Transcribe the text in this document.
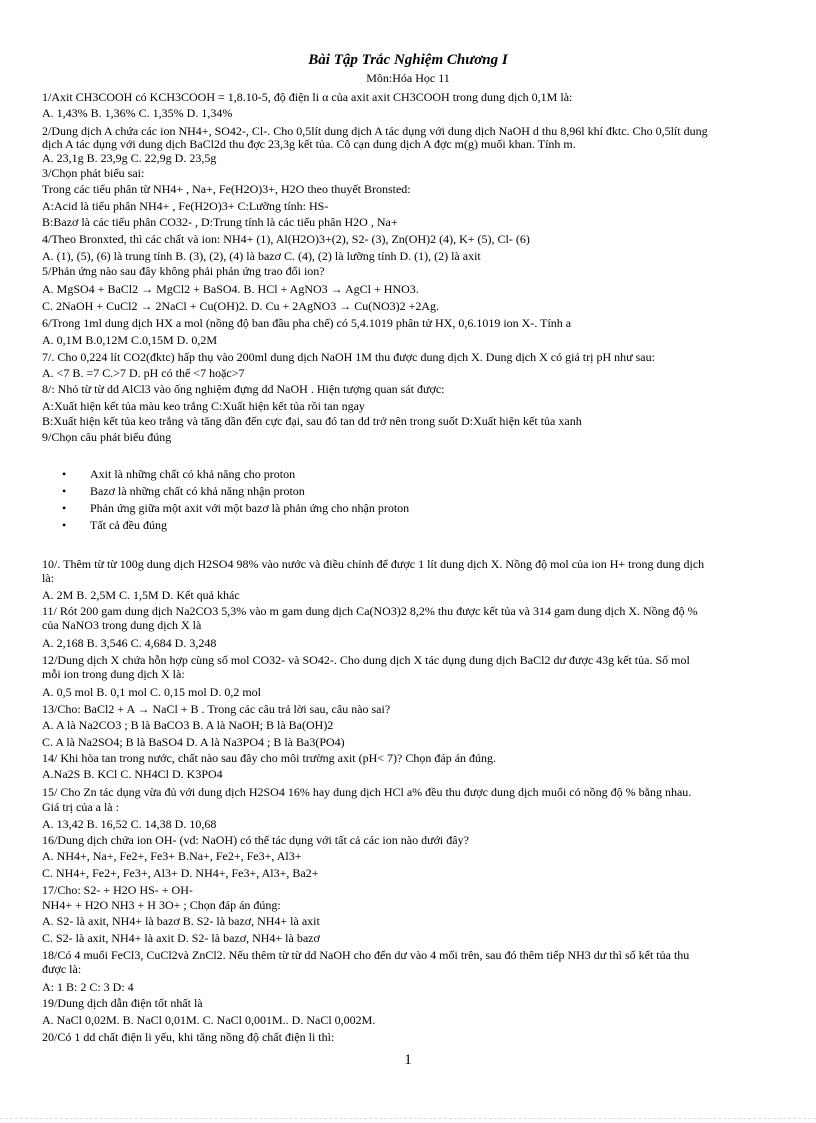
Bài Tập Trắc Nghiệm Chương I
Môn:Hóa Học 11
1/Axit CH3COOH có KCH3COOH = 1,8.10-5, độ điện li α của axit axit CH3COOH trong dung dịch 0,1M là:
A. 1,43% B. 1,36% C. 1,35% D. 1,34%
2/Dung dịch A chứa các ion NH4+, SO42-, Cl-. Cho 0,5lít dung dịch A tác dụng với dung dịch NaOH d thu 8,96l khí đktc. Cho 0,5lít dung
dịch A tác dụng với dung dịch BaCl2d thu đợc 23,3g kết tủa. Cô cạn dung dịch A đợc m(g) muối khan. Tính m.
A. 23,1g B. 23,9g C. 22,9g D. 23,5g
3/Chọn phát biểu sai:
Trong các tiểu phân từ NH4+ , Na+, Fe(H2O)3+, H2O theo thuyết Bronsted:
A:Acid là tiểu phân NH4+ , Fe(H2O)3+ C:Lưỡng tính: HS-
B:Bazơ là các tiểu phân CO32- , D:Trung tính là các tiểu phân H2O , Na+
4/Theo Bronxted, thì các chất và ion: NH4+ (1), Al(H2O)3+(2), S2- (3), Zn(OH)2 (4), K+ (5), Cl- (6)
A. (1), (5), (6) là trung tính B. (3), (2), (4) là bazơ C. (4), (2) là lưỡng tính D. (1), (2) là axit
5/Phản ứng nào sau đây không phải phản ứng trao đổi ion?
A. MgSO4 + BaCl2 → MgCl2 + BaSO4. B. HCl + AgNO3 → AgCl + HNO3.
C. 2NaOH + CuCl2 → 2NaCl + Cu(OH)2. D. Cu + 2AgNO3 → Cu(NO3)2 +2Ag.
6/Trong 1ml dung dịch HX a mol (nồng độ ban đầu pha chế) có 5,4.1019 phân tử HX, 0,6.1019 ion X-. Tính a
A. 0,1M B.0,12M C.0,15M D. 0,2M
7/. Cho 0,224 lít CO2(đktc) hấp thụ vào 200ml dung dịch NaOH 1M thu được dung dịch X. Dung dịch X có giá trị pH như sau:
A. <7 B. =7 C.>7 D. pH có thể <7 hoặc>7
8/: Nhỏ từ từ dd AlCl3 vào ống nghiệm đựng dd NaOH . Hiện tượng quan sát được:
A:Xuất hiện kết tủa màu keo trắng C:Xuất hiện kết tủa rồi tan ngay
B:Xuất hiện kết tủa keo trắng và tăng dần đến cực đại, sau đó tan dd trở nên trong suốt D:Xuất hiện kết tủa xanh
9/Chọn câu phát biểu đúng
• Axit là những chất có khả năng cho proton
• Bazơ là những chất có khả năng nhận proton
• Phản ứng giữa một axit với một bazơ là phản ứng cho nhận proton
• Tất cả đều đúng
10/. Thêm từ từ 100g dung dịch H2SO4 98% vào nước và điều chỉnh để được 1 lít dung dịch X. Nồng độ mol của ion H+ trong dung dịch
là:
A. 2M B. 2,5M C. 1,5M D. Kết quả khác
11/ Rót 200 gam dung dịch Na2CO3 5,3% vào m gam dung dịch Ca(NO3)2 8,2% thu được kết tủa và 314 gam dung dịch X. Nồng độ %
của NaNO3 trong dung dịch X là
A. 2,168 B. 3,546 C. 4,684 D. 3,248
12/Dung dịch X chứa hỗn hợp cùng số mol CO32- và SO42-. Cho dung dịch X tác dụng dung dịch BaCl2 dư được 43g kết tủa. Số mol
mỗi ion trong dung dịch X là:
A. 0,5 mol B. 0,1 mol C. 0,15 mol D. 0,2 mol
13/Cho: BaCl2 + A → NaCl + B . Trong các câu trả lời sau, câu nào sai?
A. A là Na2CO3 ; B là BaCO3 B. A là NaOH; B là Ba(OH)2
C. A là Na2SO4; B là BaSO4 D. A là Na3PO4 ; B là Ba3(PO4)
14/ Khi hòa tan trong nước, chất nào sau đây cho môi trường axit (pH< 7)? Chọn đáp án đúng.
A.Na2S B. KCl C. NH4Cl D. K3PO4
15/ Cho Zn tác dụng vừa đủ với dung dịch H2SO4 16% hay dung dịch HCl a% đều thu được dung dịch muối có nồng độ % bằng nhau.
Giá trị của a là :
A. 13,42 B. 16,52 C. 14,38 D. 10,68
16/Dung dịch chứa ion OH- (vd: NaOH) có thể tác dụng với tất cả các ion nào dưới đây?
A. NH4+, Na+, Fe2+, Fe3+ B.Na+, Fe2+, Fe3+, Al3+
C. NH4+, Fe2+, Fe3+, Al3+ D. NH4+, Fe3+, Al3+, Ba2+
17/Cho: S2- + H2O HS- + OH-
NH4+ + H2O NH3 + H 3O+ ; Chọn đáp án đúng:
A. S2- là axit, NH4+ là bazơ B. S2- là bazơ, NH4+ là axit
C. S2- là axit, NH4+ là axit D. S2- là bazơ, NH4+ là bazơ
18/Có 4 muối FeCl3, CuCl2và ZnCl2. Nếu thêm từ từ dd NaOH cho đến dư vào 4 mối trên, sau đó thêm tiếp NH3 dư thì số kết tủa thu
được là:
A: 1 B: 2 C: 3 D: 4
19/Dung dịch dẫn điện tốt nhất là
A. NaCl 0,02M. B. NaCl 0,01M. C. NaCl 0,001M.. D. NaCl 0,002M.
20/Có 1 dd chất điện li yếu, khi tăng nồng độ chất điện li thì:
1
